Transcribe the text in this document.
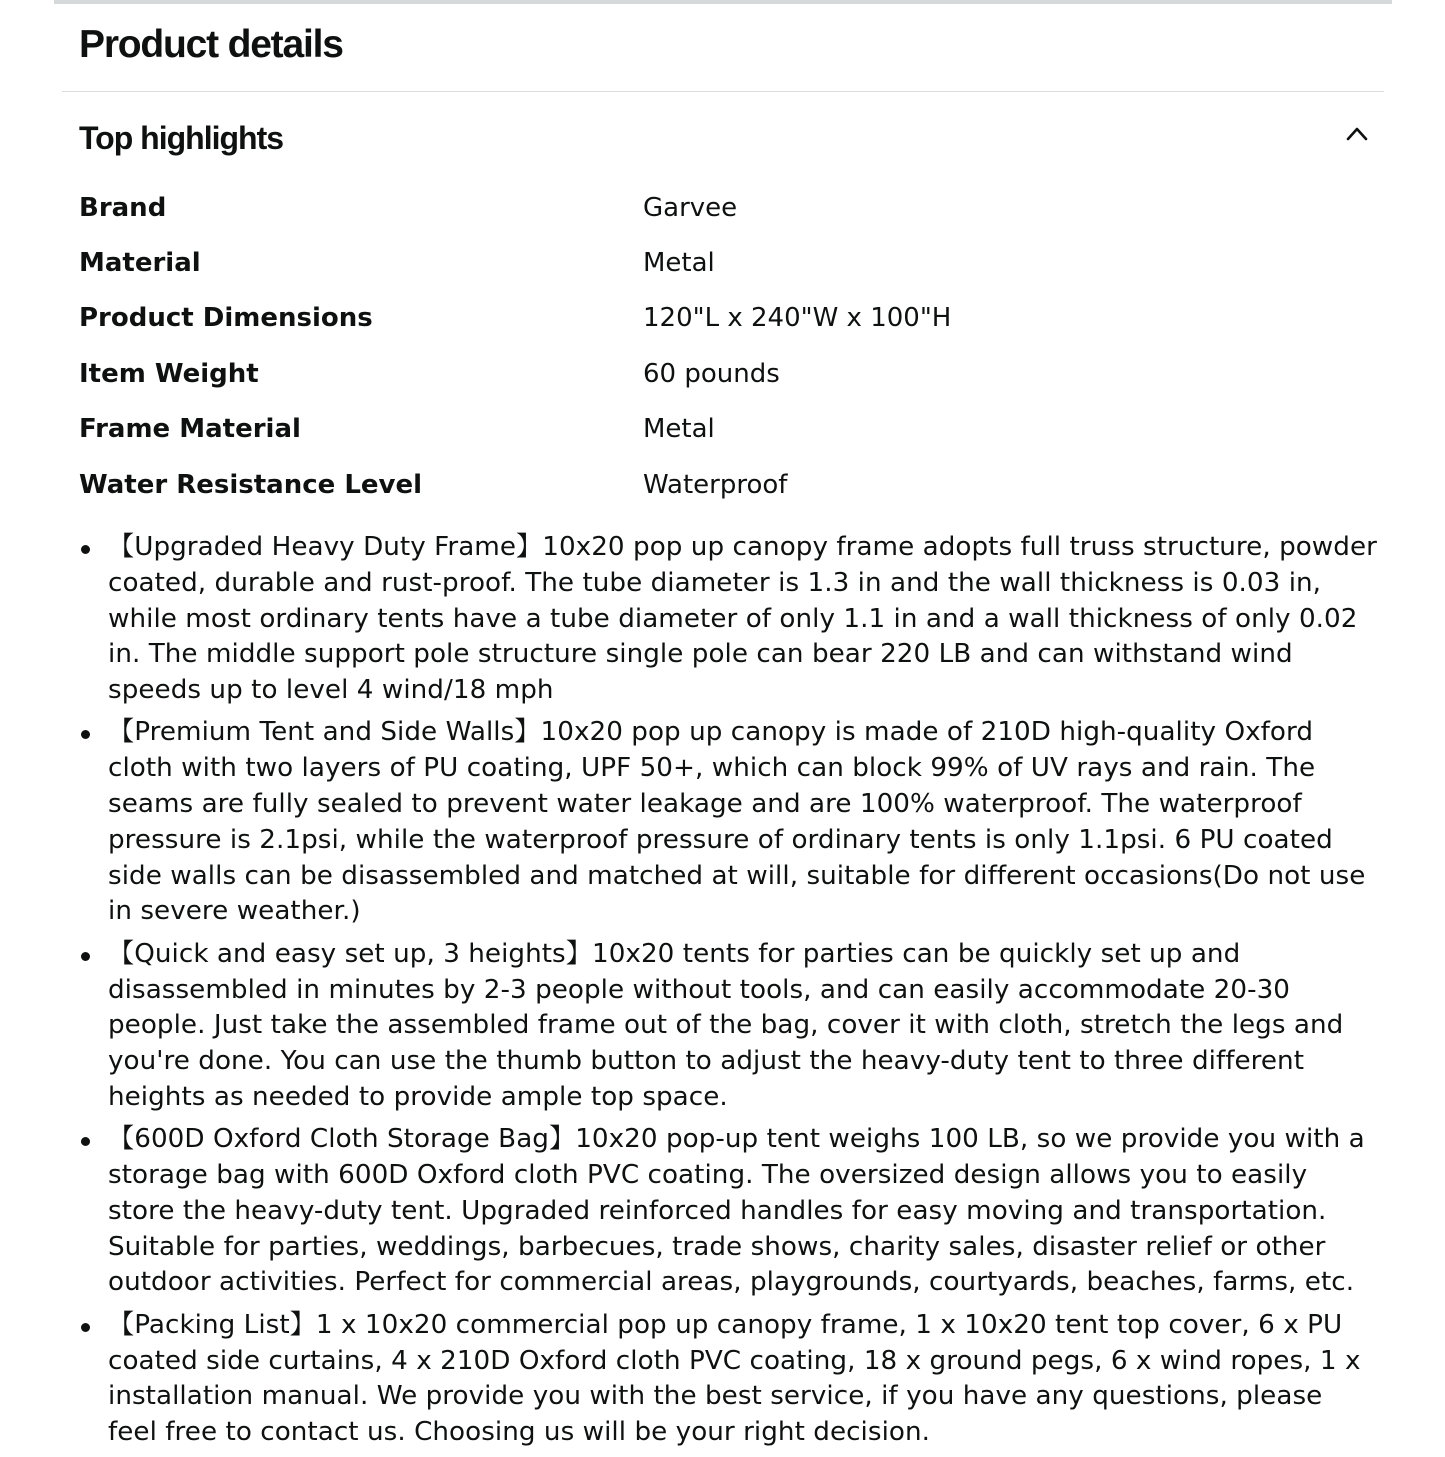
Product details
Top highlights
Brand	Garvee
Material	Metal
Product Dimensions	120"L x 240"W x 100"H
Item Weight	60 pounds
Frame Material	Metal
Water Resistance Level	Waterproof
【Upgraded Heavy Duty Frame】10x20 pop up canopy frame adopts full truss structure, powder coated, durable and rust-proof. The tube diameter is 1.3 in and the wall thickness is 0.03 in, while most ordinary tents have a tube diameter of only 1.1 in and a wall thickness of only 0.02 in. The middle support pole structure single pole can bear 220 LB and can withstand wind speeds up to level 4 wind/18 mph
【Premium Tent and Side Walls】10x20 pop up canopy is made of 210D high-quality Oxford cloth with two layers of PU coating, UPF 50+, which can block 99% of UV rays and rain. The seams are fully sealed to prevent water leakage and are 100% waterproof. The waterproof pressure is 2.1psi, while the waterproof pressure of ordinary tents is only 1.1psi. 6 PU coated side walls can be disassembled and matched at will, suitable for different occasions(Do not use in severe weather.)
【Quick and easy set up, 3 heights】10x20 tents for parties can be quickly set up and disassembled in minutes by 2-3 people without tools, and can easily accommodate 20-30 people. Just take the assembled frame out of the bag, cover it with cloth, stretch the legs and you're done. You can use the thumb button to adjust the heavy-duty tent to three different heights as needed to provide ample top space.
【600D Oxford Cloth Storage Bag】10x20 pop-up tent weighs 100 LB, so we provide you with a storage bag with 600D Oxford cloth PVC coating. The oversized design allows you to easily store the heavy-duty tent. Upgraded reinforced handles for easy moving and transportation. Suitable for parties, weddings, barbecues, trade shows, charity sales, disaster relief or other outdoor activities. Perfect for commercial areas, playgrounds, courtyards, beaches, farms, etc.
【Packing List】1 x 10x20 commercial pop up canopy frame, 1 x 10x20 tent top cover, 6 x PU coated side curtains, 4 x 210D Oxford cloth PVC coating, 18 x ground pegs, 6 x wind ropes, 1 x installation manual. We provide you with the best service, if you have any questions, please feel free to contact us. Choosing us will be your right decision.
